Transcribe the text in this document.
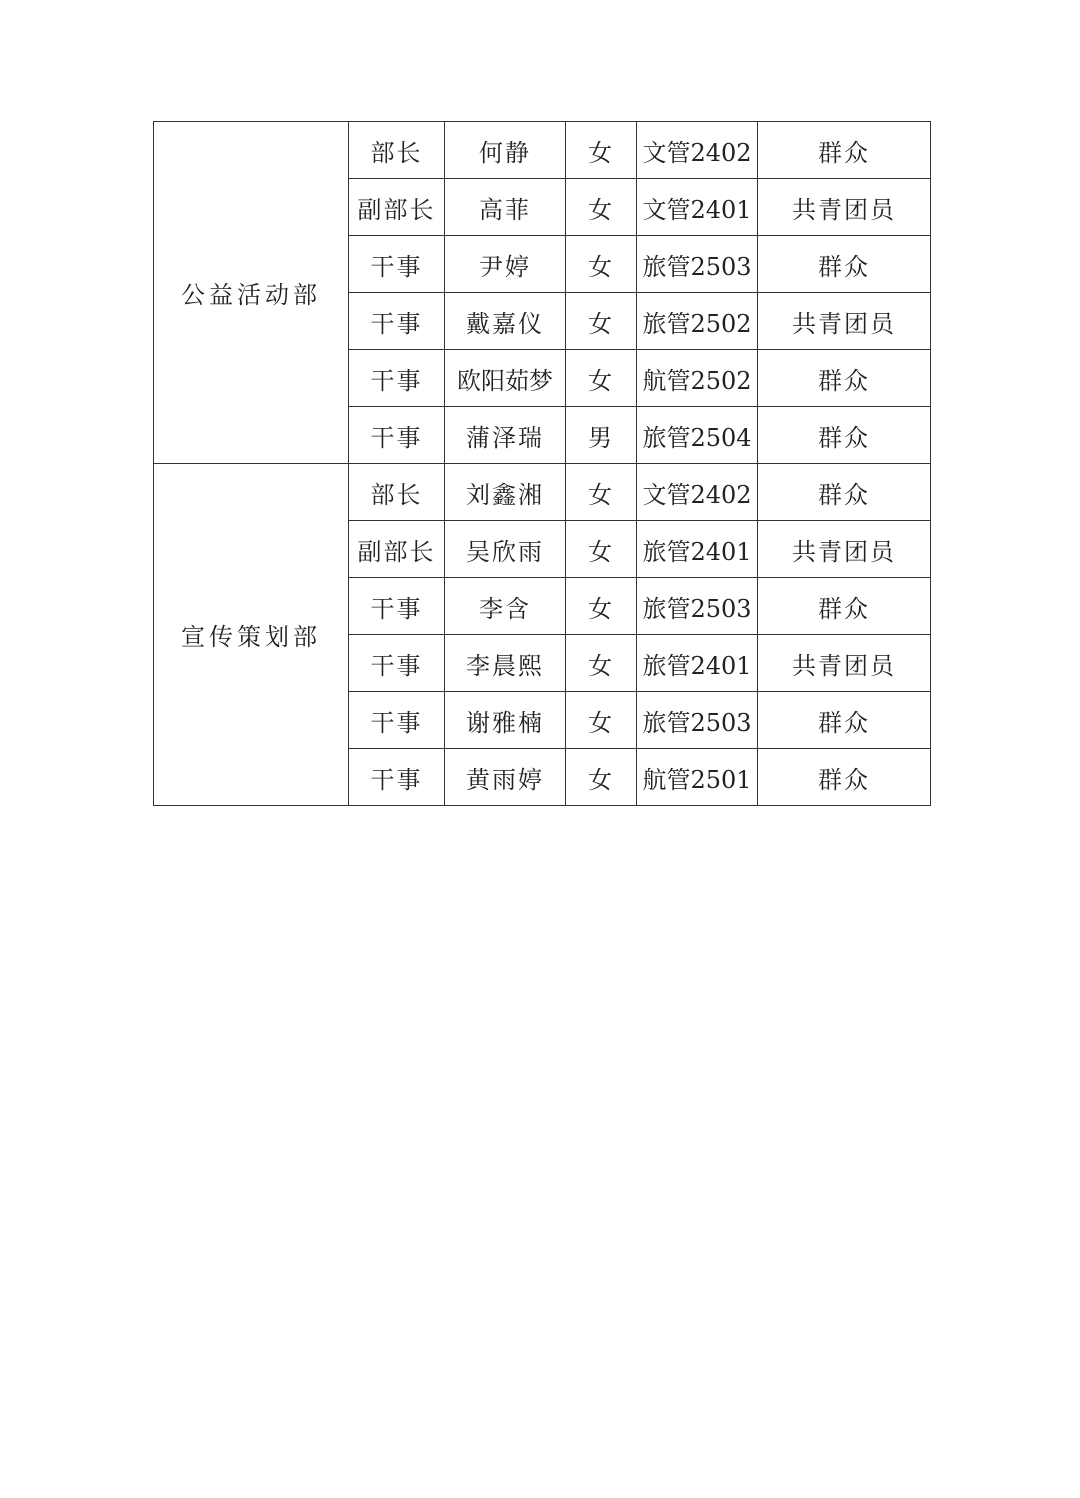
公益活动部	部长	何静	女	文管2402	群众
	副部长	高菲	女	文管2401	共青团员
	干事	尹婷	女	旅管2503	群众
	干事	戴嘉仪	女	旅管2502	共青团员
	干事	欧阳茹梦	女	航管2502	群众
	干事	蒲泽瑞	男	旅管2504	群众
宣传策划部	部长	刘鑫湘	女	文管2402	群众
	副部长	吴欣雨	女	旅管2401	共青团员
	干事	李含	女	旅管2503	群众
	干事	李晨熙	女	旅管2401	共青团员
	干事	谢雅楠	女	旅管2503	群众
	干事	黄雨婷	女	航管2501	群众
